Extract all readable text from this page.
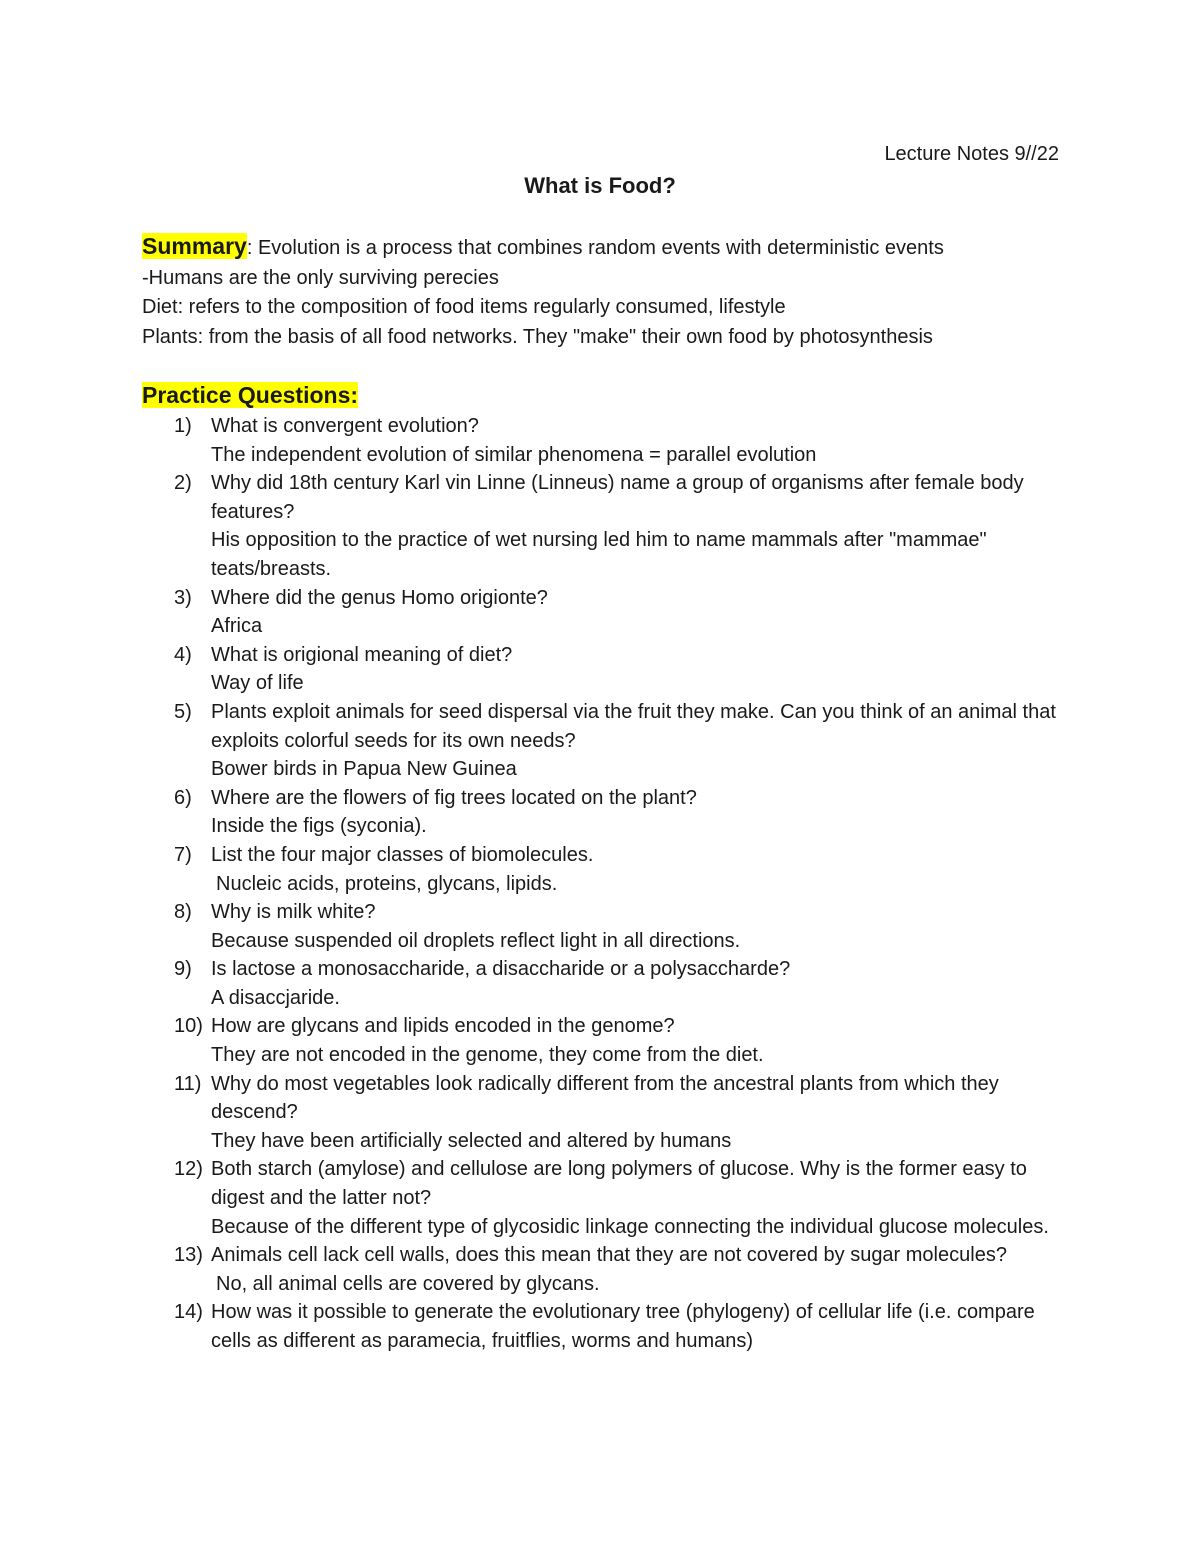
Lecture Notes 9//22
What is Food?
Summary: Evolution is a process that combines random events with deterministic events
-Humans are the only surviving perecies
Diet: refers to the composition of food items regularly consumed, lifestyle
Plants: from the basis of all food networks. They "make" their own food by photosynthesis
Practice Questions:
1) What is convergent evolution?
The independent evolution of similar phenomena = parallel evolution
2) Why did 18th century Karl vin Linne (Linneus) name a group of organisms after female body features?
His opposition to the practice of wet nursing led him to name mammals after "mammae" teats/breasts.
3) Where did the genus Homo origionte?
Africa
4) What is origional meaning of diet?
Way of life
5) Plants exploit animals for seed dispersal via the fruit they make. Can you think of an animal that exploits colorful seeds for its own needs?
Bower birds in Papua New Guinea
6) Where are the flowers of fig trees located on the plant?
Inside the figs (syconia).
7) List the four major classes of biomolecules.
Nucleic acids, proteins, glycans, lipids.
8) Why is milk white?
Because suspended oil droplets reflect light in all directions.
9) Is lactose a monosaccharide, a disaccharide or a polysaccharde?
A disaccjaride.
10) How are glycans and lipids encoded in the genome?
They are not encoded in the genome, they come from the diet.
11) Why do most vegetables look radically different from the ancestral plants from which they descend?
They have been artificially selected and altered by humans
12) Both starch (amylose) and cellulose are long polymers of glucose. Why is the former easy to digest and the latter not?
Because of the different type of glycosidic linkage connecting the individual glucose molecules.
13) Animals cell lack cell walls, does this mean that they are not covered by sugar molecules?
No, all animal cells are covered by glycans.
14) How was it possible to generate the evolutionary tree (phylogeny) of cellular life (i.e. compare cells as different as paramecia, fruitflies, worms and humans)
